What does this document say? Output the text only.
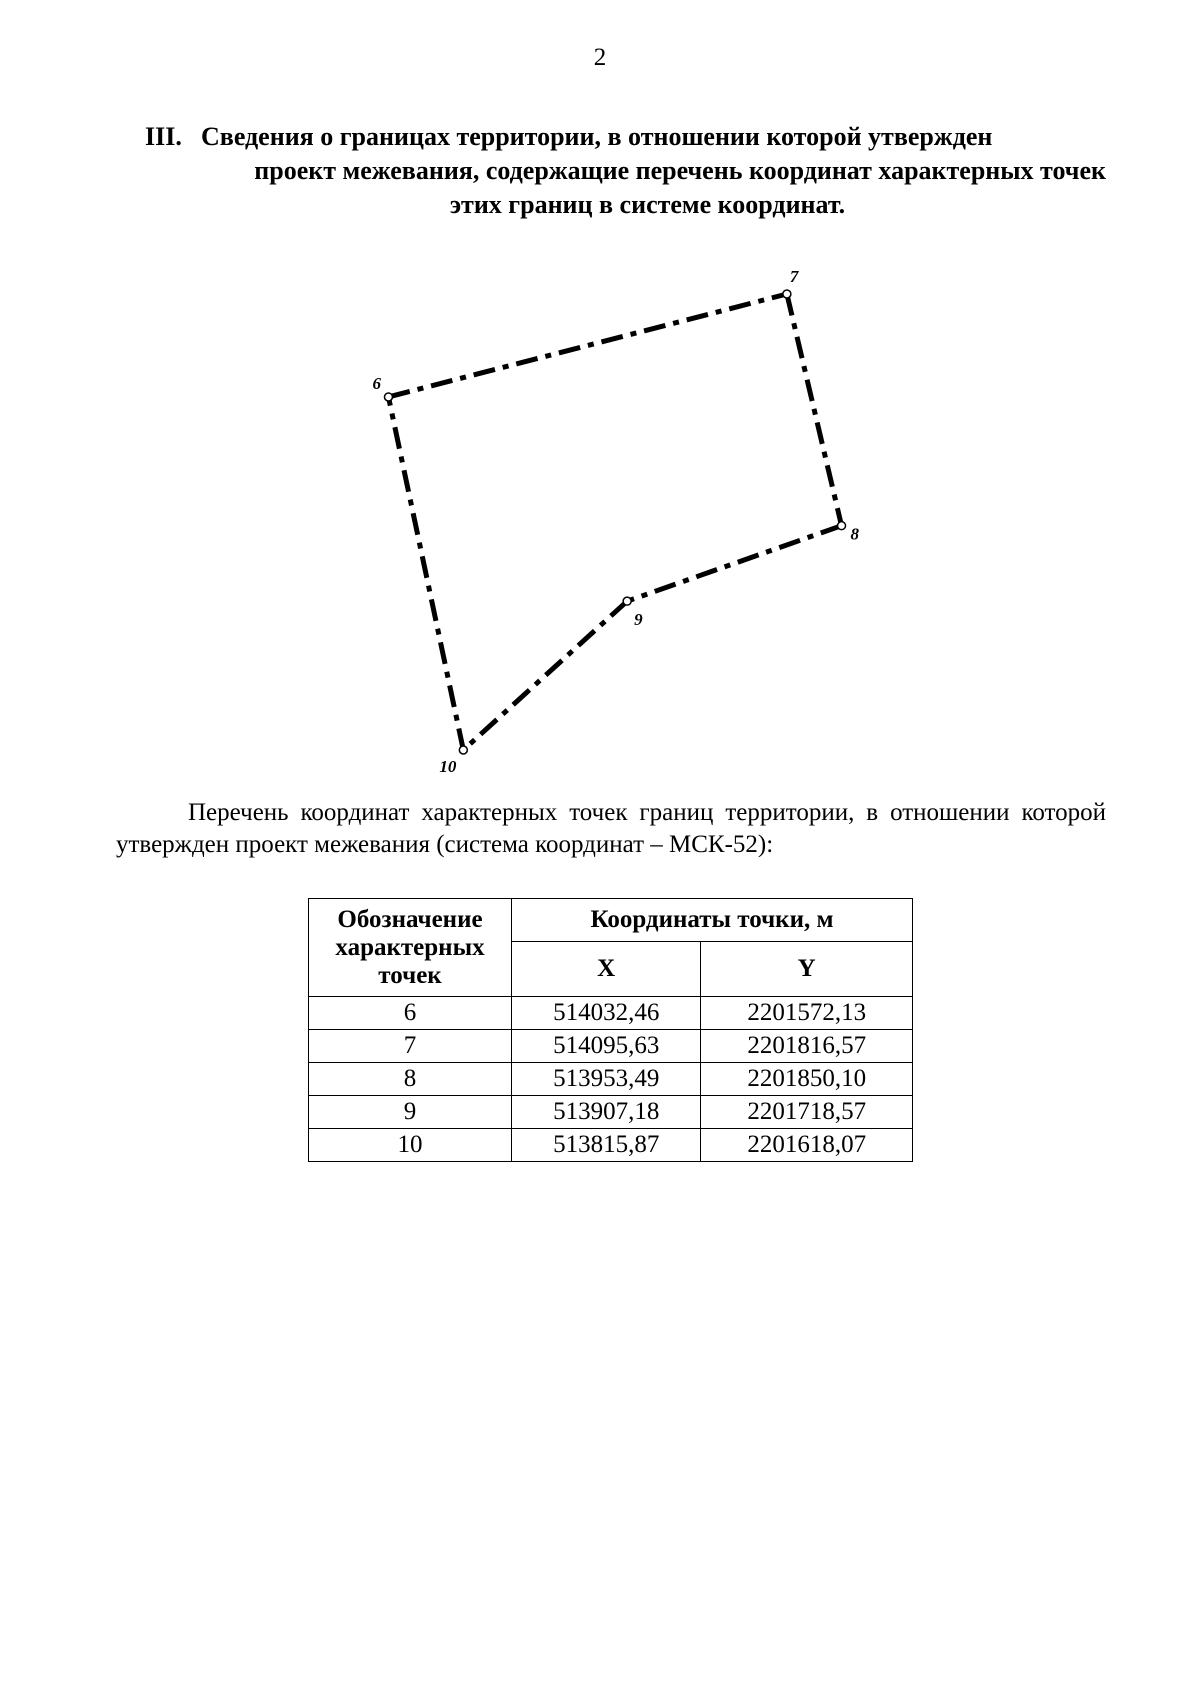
2
III. Сведения о границах территории, в отношении которой утвержден
проект межевания, содержащие перечень координат характерных точек
этих границ в системе координат.
6
7
8
9
10
Перечень координат характерных точек границ территории, в отношении которой утвержден проект межевания (система координат – МСК-52):
Обозначение характерных точек	Координаты точки, м	
	X	Y
6	514032,46	2201572,13
7	514095,63	2201816,57
8	513953,49	2201850,10
9	513907,18	2201718,57
10	513815,87	2201618,07
